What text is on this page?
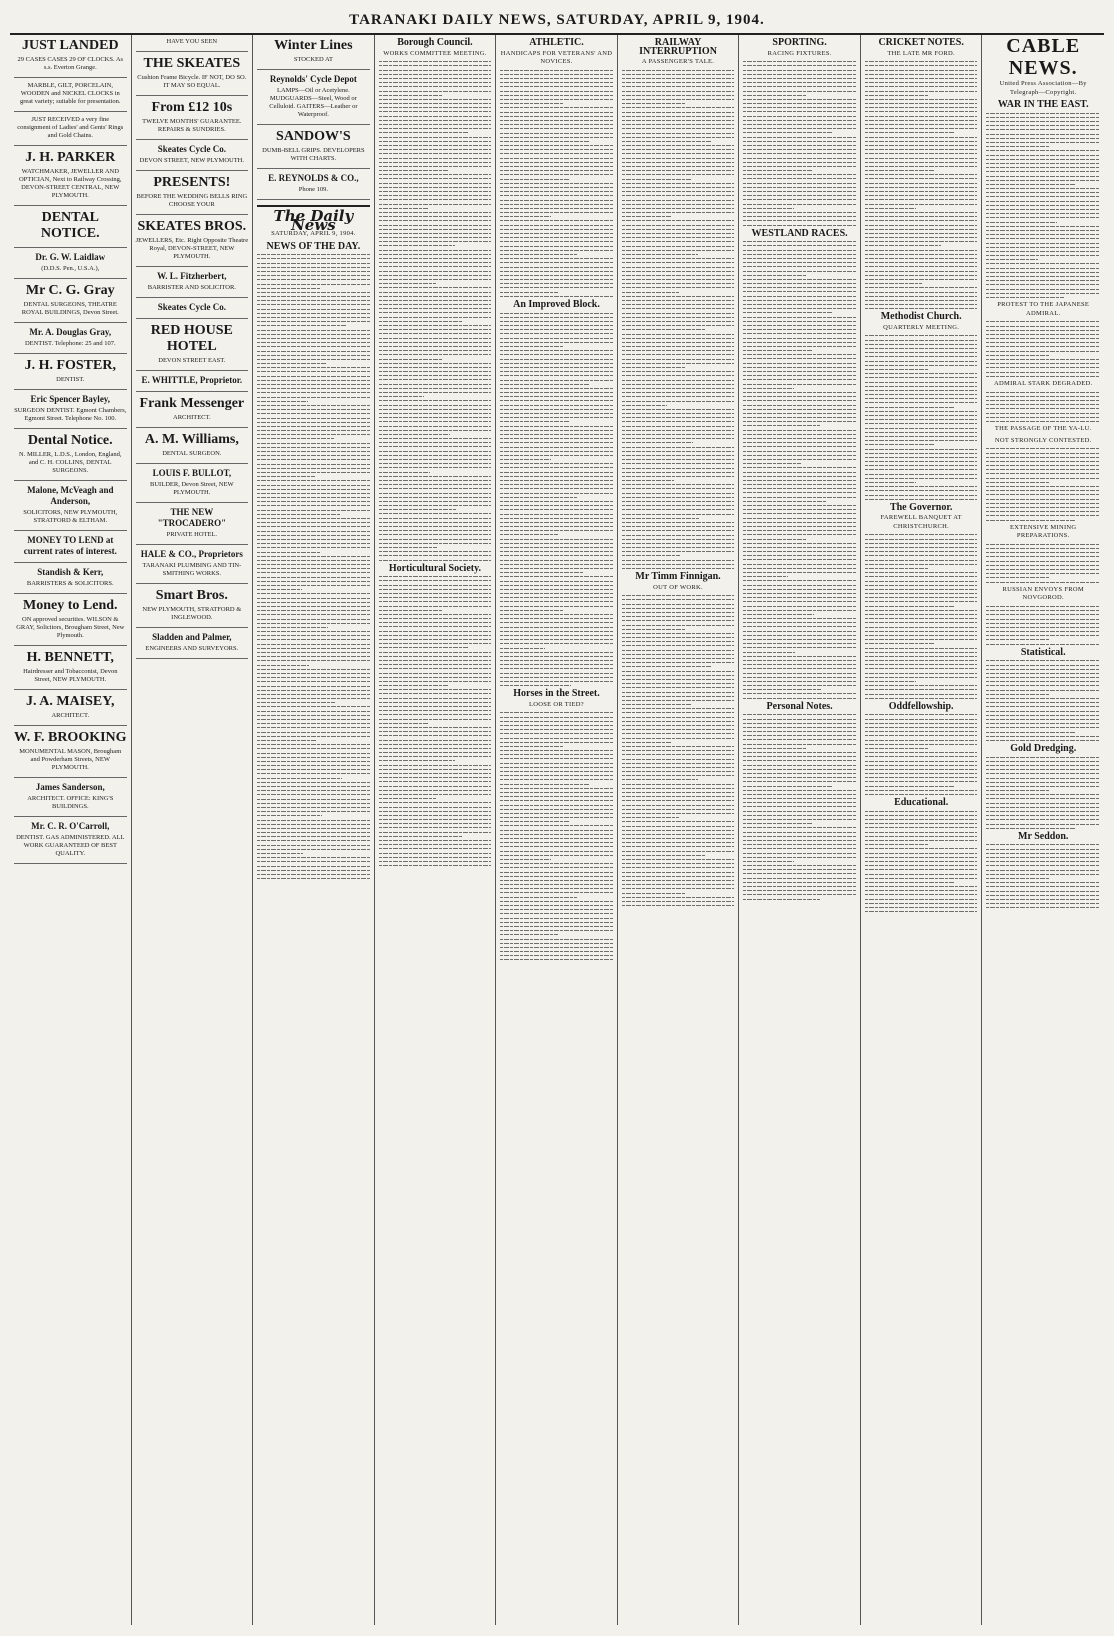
TARANAKI DAILY NEWS, SATURDAY, APRIL 9, 1904.
JUST LANDED
29 CASES CASES 29 OF CLOCKS. As s.s. Everton Grange.
MARBLE, GILT, PORCELAIN, WOODEN and NICKEL CLOCKS in great variety; suitable for presentation.
JUST RECEIVED a very fine consignment of Ladies' and Gents' Rings and Gold Chains.
J. H. PARKER
WATCHMAKER, JEWELLER AND OPTICIAN, Next to Railway Crossing, DEVON-STREET CENTRAL, NEW PLYMOUTH.
DENTAL NOTICE.
Dr. G. W. Laidlaw
(D.D.S. Pen., U.S.A.),
Mr C. G. Gray
DENTAL SURGEONS, THEATRE ROYAL BUILDINGS, Devon Street.
Mr. A. Douglas Gray,
DENTIST. Telephone: 25 and 107.
J. H. FOSTER,
DENTIST.
Eric Spencer Bayley,
SURGEON DENTIST. Egmont Chambers, Egmont Street. Telephone No. 100.
Dental Notice.
N. MILLER, L.D.S., London, England, and C. H. COLLINS, DENTAL SURGEONS.
Malone, McVeagh and Anderson,
SOLICITORS, NEW PLYMOUTH, STRATFORD & ELTHAM.
MONEY TO LEND at current rates of interest.
Standish & Kerr,
BARRISTERS & SOLICITORS.
Money to Lend.
ON approved securities. WILSON & GRAY, Solicitors, Brougham Street, New Plymouth.
H. BENNETT,
Hairdresser and Tobacconist, Devon Street, NEW PLYMOUTH.
J. A. MAISEY,
ARCHITECT.
W. F. BROOKING
MONUMENTAL MASON, Brougham and Powderham Streets, NEW PLYMOUTH.
James Sanderson,
ARCHITECT. OFFICE: KING'S BUILDINGS.
Mr. C. R. O'Carroll,
DENTIST. GAS ADMINISTERED. ALL WORK GUARANTEED OF BEST QUALITY.
HAVE YOU SEEN
THE SKEATES
Cushion Frame Bicycle. IF NOT, DO SO. IT MAY SO EQUAL.
From £12 10s
TWELVE MONTHS' GUARANTEE. REPAIRS & SUNDRIES.
Skeates Cycle Co.
DEVON STREET, NEW PLYMOUTH.
PRESENTS!
BEFORE THE WEDDING BELLS RING CHOOSE YOUR
SKEATES BROS.
JEWELLERS, Etc. Right Opposite Theatre Royal, DEVON-STREET, NEW PLYMOUTH.
W. L. Fitzherbert,
BARRISTER AND SOLICITOR.
Skeates Cycle Co.
RED HOUSE HOTEL
DEVON STREET EAST.
E. WHITTLE, Proprietor.
Frank Messenger
ARCHITECT.
A. M. Williams,
DENTAL SURGEON.
LOUIS F. BULLOT,
BUILDER, Devon Street, NEW PLYMOUTH.
THE NEW "TROCADERO"
PRIVATE HOTEL.
HALE & CO., Proprietors
TARANAKI PLUMBING AND TIN-SMITHING WORKS.
Smart Bros.
NEW PLYMOUTH, STRATFORD & INGLEWOOD.
Sladden and Palmer,
ENGINEERS AND SURVEYORS.
Winter Lines
STOCKED AT
Reynolds' Cycle Depot
LAMPS—Oil or Acetylene. MUDGUARDS—Steel, Wood or Celluloid. GAITERS—Leather or Waterproof.
SANDOW'S
DUMB-BELL GRIPS. DEVELOPERS WITH CHARTS.
E. REYNOLDS & CO.,
Phone 109.
The Daily News
SATURDAY, APRIL 9, 1904.
NEWS OF THE DAY.
Borough Council.
WORKS COMMITTEE MEETING.
Horticultural Society.
ATHLETIC.
HANDICAPS FOR VETERANS' AND NOVICES.
An Improved Block.
Horses in the Street.
LOOSE OR TIED?
RAILWAY INTERRUPTION
A PASSENGER'S TALE.
Mr Timm Finnigan.
OUT OF WORK.
SPORTING.
RACING FIXTURES.
WESTLAND RACES.
Personal Notes.
CRICKET NOTES.
THE LATE MR FORD.
Methodist Church.
QUARTERLY MEETING.
The Governor.
FAREWELL BANQUET AT CHRISTCHURCH.
Oddfellowship.
Educational.
CABLE NEWS.
United Press Association—By Telegraph—Copyright.
WAR IN THE EAST.
PROTEST TO THE JAPANESE ADMIRAL.
ADMIRAL STARK DEGRADED.
THE PASSAGE OF THE YA-LU.
NOT STRONGLY CONTESTED.
EXTENSIVE MINING PREPARATIONS.
RUSSIAN ENVOYS FROM NOVGOROD.
Statistical.
Gold Dredging.
Mr Seddon.
